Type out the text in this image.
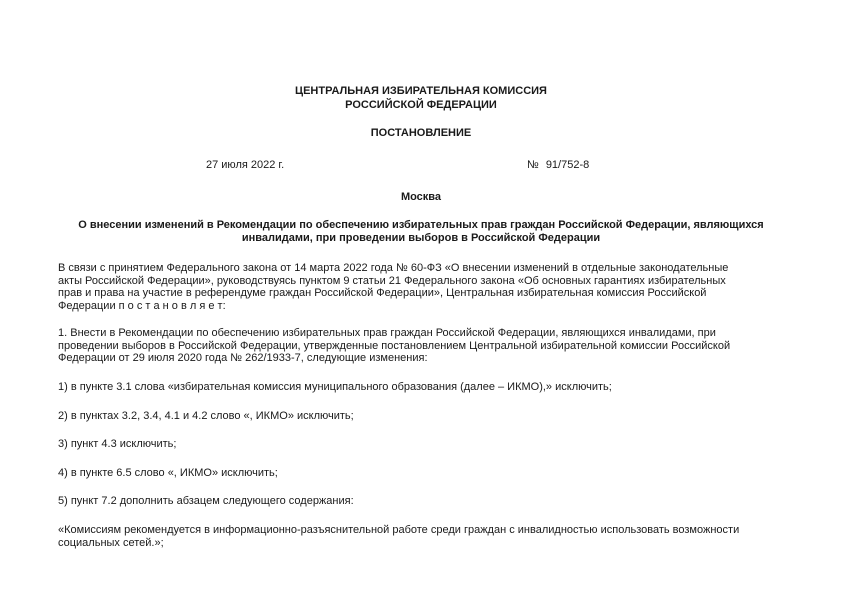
ЦЕНТРАЛЬНАЯ ИЗБИРАТЕЛЬНАЯ КОМИССИЯ
РОССИЙСКОЙ ФЕДЕРАЦИИ
ПОСТАНОВЛЕНИЕ
27 июля 2022 г.	№ 91/752-8
Москва
О внесении изменений в Рекомендации по обеспечению избирательных прав граждан Российской Федерации, являющихся
инвалидами, при проведении выборов в Российской Федерации
В связи с принятием Федерального закона от 14 марта 2022 года № 60-ФЗ «О внесении изменений в отдельные законодательные
акты Российской Федерации», руководствуясь пунктом 9 статьи 21 Федерального закона «Об основных гарантиях избирательных
прав и права на участие в референдуме граждан Российской Федерации», Центральная избирательная комиссия Российской
Федерации п о с т а н о в л я е т:
1. Внести в Рекомендации по обеспечению избирательных прав граждан Российской Федерации, являющихся инвалидами, при
проведении выборов в Российской Федерации, утвержденные постановлением Центральной избирательной комиссии Российской
Федерации от 29 июля 2020 года № 262/1933-7, следующие изменения:
1) в пункте 3.1 слова «избирательная комиссия муниципального образования (далее – ИКМО),» исключить;
2) в пунктах 3.2, 3.4, 4.1 и 4.2 слово «, ИКМО» исключить;
3) пункт 4.3 исключить;
4) в пункте 6.5 слово «, ИКМО» исключить;
5) пункт 7.2 дополнить абзацем следующего содержания:
«Комиссиям рекомендуется в информационно-разъяснительной работе среди граждан с инвалидностью использовать возможности
социальных сетей.»;
